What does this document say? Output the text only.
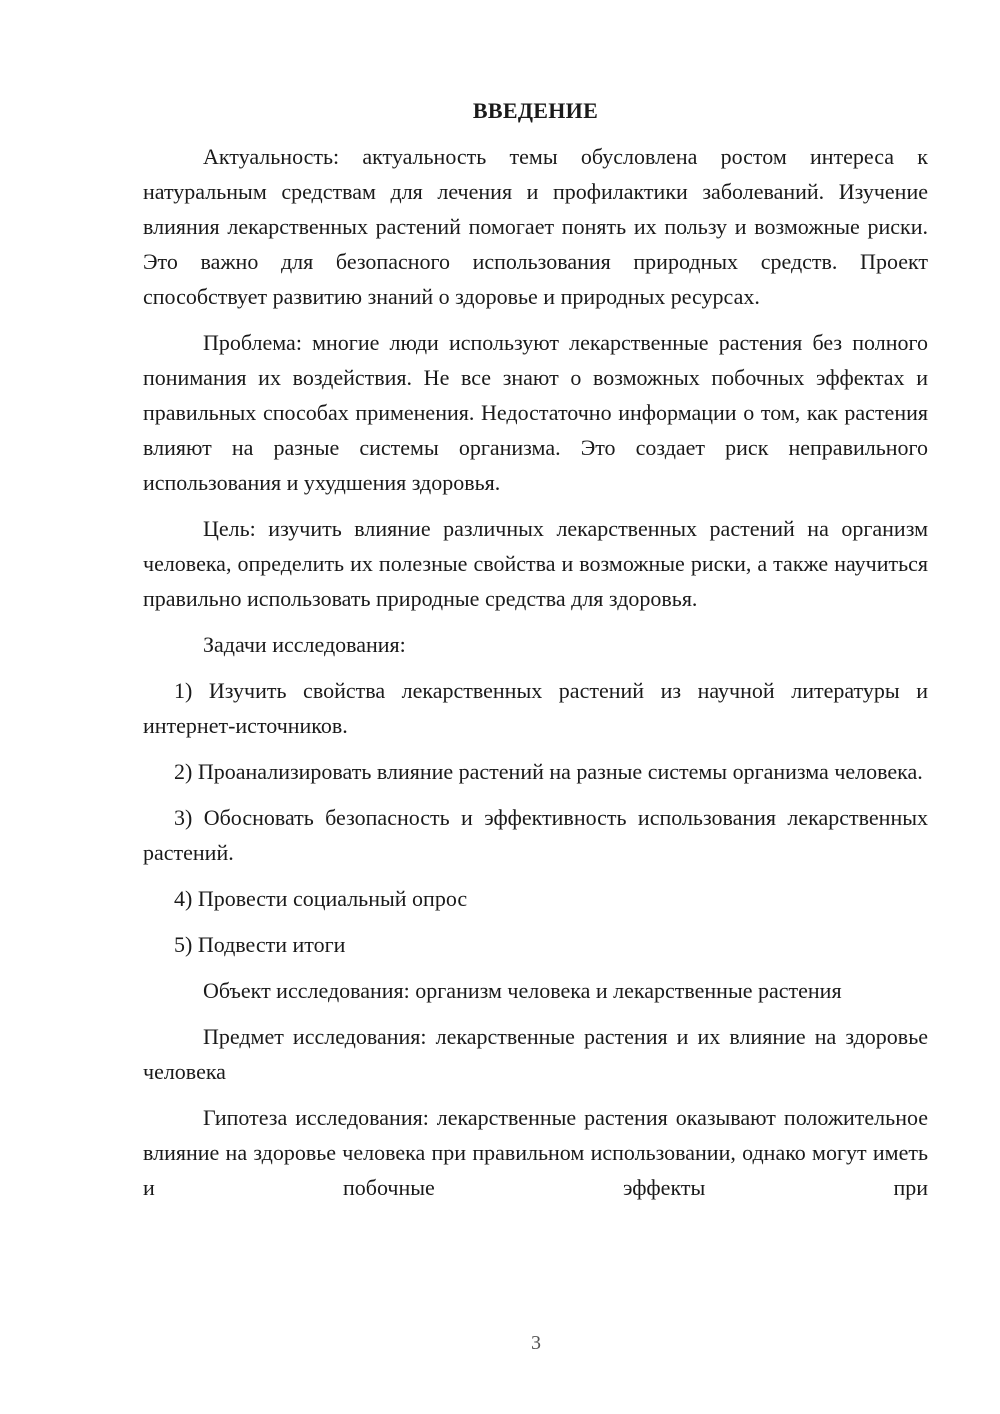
ВВЕДЕНИЕ

Актуальность: актуальность темы обусловлена ростом интереса к натуральным средствам для лечения и профилактики заболеваний. Изучение влияния лекарственных растений помогает понять их пользу и возможные риски. Это важно для безопасного использования природных средств. Проект способствует развитию знаний о здоровье и природных ресурсах.

Проблема: многие люди используют лекарственные растения без полного понимания их воздействия. Не все знают о возможных побочных эффектах и правильных способах применения. Недостаточно информации о том, как растения влияют на разные системы организма. Это создает риск неправильного использования и ухудшения здоровья.

Цель: изучить влияние различных лекарственных растений на организм человека, определить их полезные свойства и возможные риски, а также научиться правильно использовать природные средства для здоровья.

Задачи исследования:

1) Изучить свойства лекарственных растений из научной литературы и интернет-источников.

2) Проанализировать влияние растений на разные системы организма человека.

3) Обосновать безопасность и эффективность использования лекарственных растений.

4) Провести социальный опрос

5) Подвести итоги

Объект исследования: организм человека и лекарственные растения

Предмет исследования: лекарственные растения и их влияние на здоровье человека

Гипотеза исследования: лекарственные растения оказывают положительное влияние на здоровье человека при правильном использовании, однако могут иметь и побочные эффекты при

3
